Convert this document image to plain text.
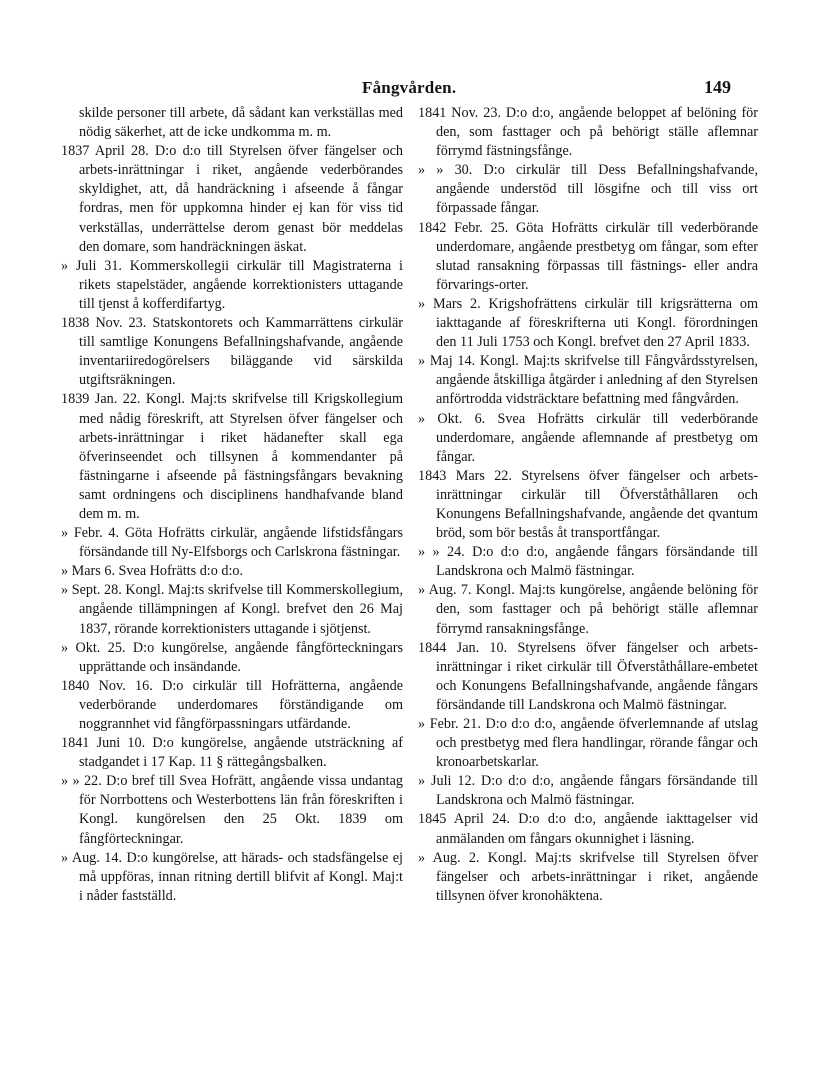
Fångvården.	149

skilde personer till arbete, då sådant kan verkställas med nödig säkerhet, att de icke undkomma m. m.

1837 April 28. D:o d:o till Styrelsen öfver fängelser och arbets-inrättningar i riket, angående vederbörandes skyldighet, att, då handräckning i afseende å fångar fordras, men för uppkomna hinder ej kan för viss tid verkställas, underrättelse derom genast bör meddelas den domare, som handräckningen äskat.

» Juli 31. Kommerskollegii cirkulär till Magistraterna i rikets stapelstäder, angående korrektionisters uttagande till tjenst å kofferdifartyg.

1838 Nov. 23. Statskontorets och Kammarrättens cirkulär till samtlige Konungens Befallningshafvande, angående inventariiredogörelsers biläggande vid särskilda utgiftsräkningen.

1839 Jan. 22. Kongl. Maj:ts skrifvelse till Krigskollegium med nådig föreskrift, att Styrelsen öfver fängelser och arbets-inrättningar i riket hädanefter skall ega öfverinseendet och tillsynen å kommendanter på fästningarne i afseende på fästningsfångars bevakning samt ordningens och disciplinens handhafvande bland dem m. m.

» Febr. 4. Göta Hofrätts cirkulär, angående lifstidsfångars försändande till Ny-Elfsborgs och Carlskrona fästningar.

» Mars 6. Svea Hofrätts d:o d:o.

» Sept. 28. Kongl. Maj:ts skrifvelse till Kommerskollegium, angående tillämpningen af Kongl. brefvet den 26 Maj 1837, rörande korrektionisters uttagande i sjötjenst.

» Okt. 25. D:o kungörelse, angående fångförteckningars upprättande och insändande.

1840 Nov. 16. D:o cirkulär till Hofrätterna, angående vederbörande underdomares förständigande om noggrannhet vid fångförpassningars utfärdande.

1841 Juni 10. D:o kungörelse, angående utsträckning af stadgandet i 17 Kap. 11 § rättegångsbalken.

» » 22. D:o bref till Svea Hofrätt, angående vissa undantag för Norrbottens och Westerbottens län från föreskriften i Kongl. kungörelsen den 25 Okt. 1839 om fångförteckningar.

» Aug. 14. D:o kungörelse, att härads- och stadsfängelse ej må uppföras, innan ritning dertill blifvit af Kongl. Maj:t i nåder fastställd.

1841 Nov. 23. D:o d:o, angående beloppet af belöning för den, som fasttager och på behörigt ställe aflemnar förrymd fästningsfånge.

» » 30. D:o cirkulär till Dess Befallningshafvande, angående understöd till lösgifne och till viss ort förpassade fångar.

1842 Febr. 25. Göta Hofrätts cirkulär till vederbörande underdomare, angående prestbetyg om fångar, som efter slutad ransakning förpassas till fästnings- eller andra förvarings-orter.

» Mars 2. Krigshofrättens cirkulär till krigsrätterna om iakttagande af föreskrifterna uti Kongl. förordningen den 11 Juli 1753 och Kongl. brefvet den 27 April 1833.

» Maj 14. Kongl. Maj:ts skrifvelse till Fångvårdsstyrelsen, angående åtskilliga åtgärder i anledning af den Styrelsen anförtrodda vidsträcktare befattning med fångvården.

» Okt. 6. Svea Hofrätts cirkulär till vederbörande underdomare, angående aflemnande af prestbetyg om fångar.

1843 Mars 22. Styrelsens öfver fängelser och arbets-inrättningar cirkulär till Öfverståthållaren och Konungens Befallningshafvande, angående det qvantum bröd, som bör bestås åt transportfångar.

» » 24. D:o d:o d:o, angående fångars försändande till Landskrona och Malmö fästningar.

» Aug. 7. Kongl. Maj:ts kungörelse, angående belöning för den, som fasttager och på behörigt ställe aflemnar förrymd ransakningsfånge.

1844 Jan. 10. Styrelsens öfver fängelser och arbets-inrättningar i riket cirkulär till Öfverståthållare-embetet och Konungens Befallningshafvande, angående fångars försändande till Landskrona och Malmö fästningar.

» Febr. 21. D:o d:o d:o, angående öfverlemnande af utslag och prestbetyg med flera handlingar, rörande fångar och kronoarbetskarlar.

» Juli 12. D:o d:o d:o, angående fångars försändande till Landskrona och Malmö fästningar.

1845 April 24. D:o d:o d:o, angående iakttagelser vid anmälanden om fångars okunnighet i läsning.

» Aug. 2. Kongl. Maj:ts skrifvelse till Styrelsen öfver fängelser och arbets-inrättningar i riket, angående tillsynen öfver kronohäktena.
